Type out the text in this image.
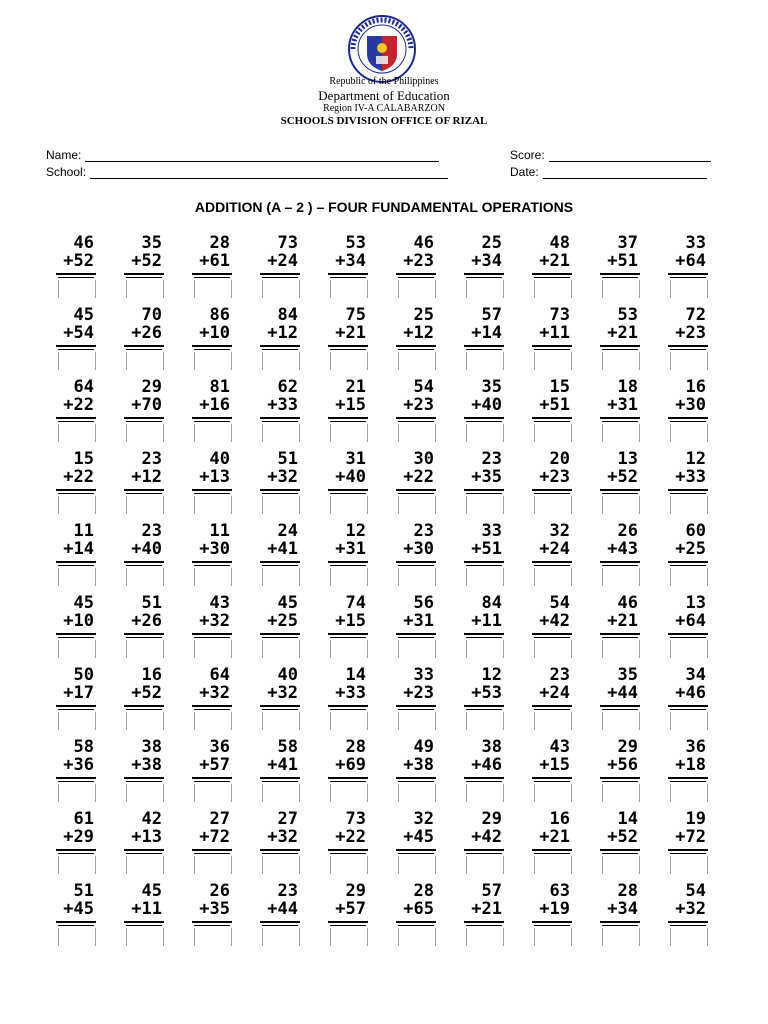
Republic of the Philippines
Department of Education
Region IV-A CALABARZON
SCHOOLS DIVISION OFFICE OF RIZAL
Name:
School:
Score:
Date:
ADDITION (A – 2 ) – FOUR FUNDAMENTAL OPERATIONS
46
+52
35
+52
28
+61
73
+24
53
+34
46
+23
25
+34
48
+21
37
+51
33
+64
45
+54
70
+26
86
+10
84
+12
75
+21
25
+12
57
+14
73
+11
53
+21
72
+23
64
+22
29
+70
81
+16
62
+33
21
+15
54
+23
35
+40
15
+51
18
+31
16
+30
15
+22
23
+12
40
+13
51
+32
31
+40
30
+22
23
+35
20
+23
13
+52
12
+33
11
+14
23
+40
11
+30
24
+41
12
+31
23
+30
33
+51
32
+24
26
+43
60
+25
45
+10
51
+26
43
+32
45
+25
74
+15
56
+31
84
+11
54
+42
46
+21
13
+64
50
+17
16
+52
64
+32
40
+32
14
+33
33
+23
12
+53
23
+24
35
+44
34
+46
58
+36
38
+38
36
+57
58
+41
28
+69
49
+38
38
+46
43
+15
29
+56
36
+18
61
+29
42
+13
27
+72
27
+32
73
+22
32
+45
29
+42
16
+21
14
+52
19
+72
51
+45
45
+11
26
+35
23
+44
29
+57
28
+65
57
+21
63
+19
28
+34
54
+32
